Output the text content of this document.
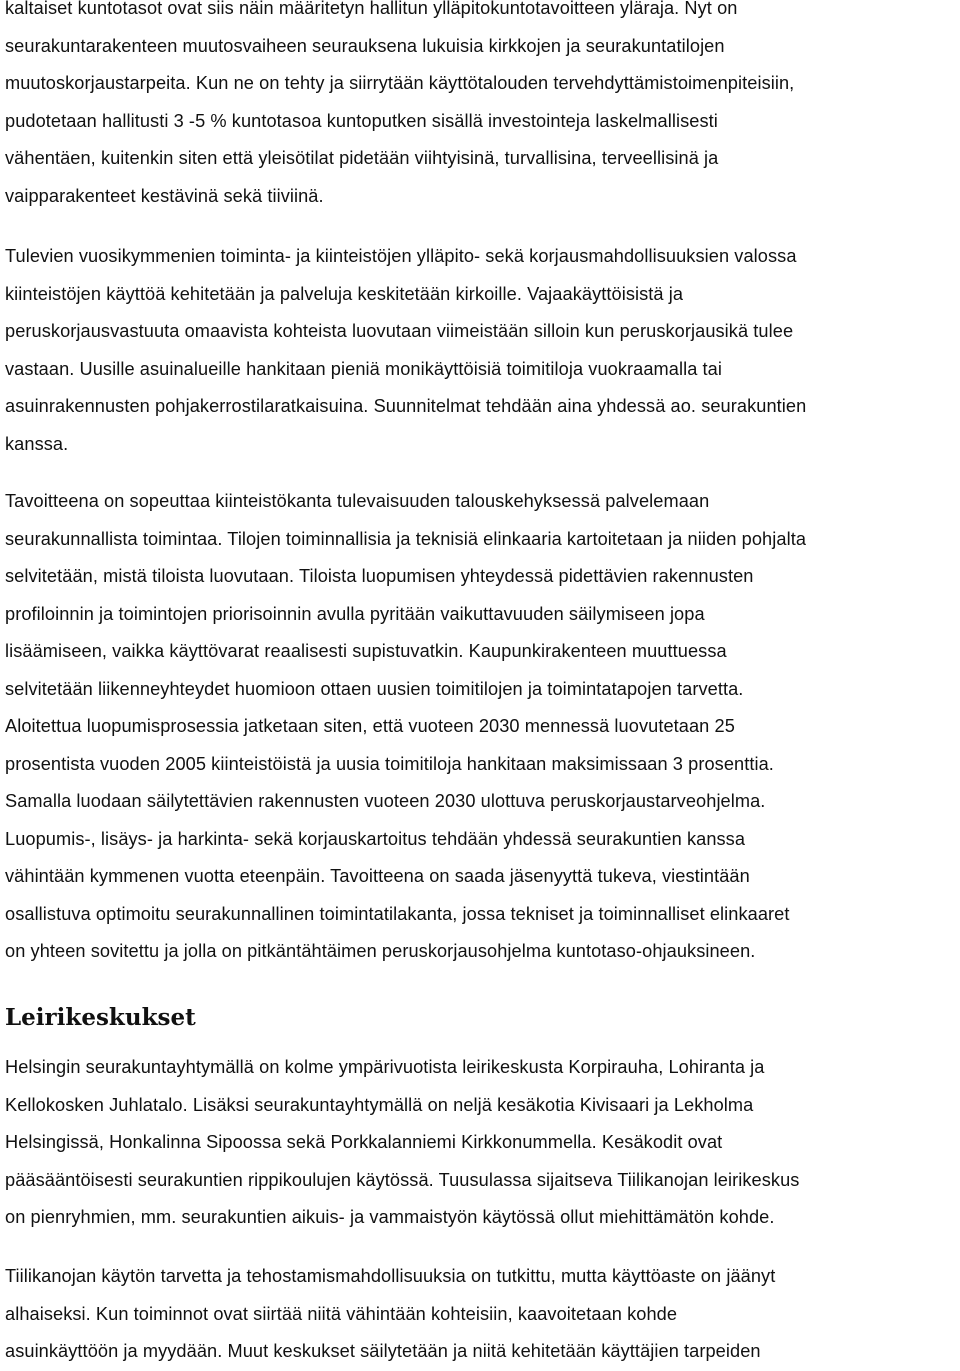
kaltaiset kuntotasot ovat siis näin määritetyn hallitun ylläpitokuntotavoitteen yläraja. Nyt on
seurakuntarakenteen muutosvaiheen seurauksena lukuisia kirkkojen ja seurakuntatilojen
muutoskorjaustarpeita. Kun ne on tehty ja siirrytään käyttötalouden tervehdyttämistoimenpiteisiin,
pudotetaan hallitusti 3 -5 % kuntotasoa kuntoputken sisällä investointeja laskelmallisesti
vähentäen, kuitenkin siten että yleisötilat pidetään viihtyisinä, turvallisina, terveellisinä ja
vaipparakenteet kestävinä sekä tiiviinä.
Tulevien vuosikymmenien toiminta- ja kiinteistöjen ylläpito- sekä korjausmahdollisuuksien valossa
kiinteistöjen käyttöä kehitetään ja palveluja keskitetään kirkoille. Vajaakäyttöisistä ja
peruskorjausvastuuta omaavista kohteista luovutaan viimeistään silloin kun peruskorjausikä tulee
vastaan. Uusille asuinalueille hankitaan pieniä monikäyttöisiä toimitiloja vuokraamalla tai
asuinrakennusten pohjakerrostilaratkaisuina. Suunnitelmat tehdään aina yhdessä ao. seurakuntien
kanssa.
Tavoitteena on sopeuttaa kiinteistökanta tulevaisuuden talouskehyksessä palvelemaan
seurakunnallista toimintaa. Tilojen toiminnallisia ja teknisiä elinkaaria kartoitetaan ja niiden pohjalta
selvitetään, mistä tiloista luovutaan. Tiloista luopumisen yhteydessä pidettävien rakennusten
profiloinnin ja toimintojen priorisoinnin avulla pyritään vaikuttavuuden säilymiseen jopa
lisäämiseen, vaikka käyttövarat reaalisesti supistuvatkin. Kaupunkirakenteen muuttuessa
selvitetään liikenneyhteydet huomioon ottaen uusien toimitilojen ja toimintatapojen tarvetta.
Aloitettua luopumisprosessia jatketaan siten, että vuoteen 2030 mennessä luovutetaan 25
prosentista vuoden 2005 kiinteistöistä ja uusia toimitiloja hankitaan maksimissaan 3 prosenttia.
Samalla luodaan säilytettävien rakennusten vuoteen 2030 ulottuva peruskorjaustarveohjelma.
Luopumis-, lisäys- ja harkinta- sekä korjauskartoitus tehdään yhdessä seurakuntien kanssa
vähintään kymmenen vuotta eteenpäin. Tavoitteena on saada jäsenyyttä tukeva, viestintään
osallistuva optimoitu seurakunnallinen toimintatilakanta, jossa tekniset ja toiminnalliset elinkaaret
on yhteen sovitettu ja jolla on pitkäntähtäimen peruskorjausohjelma kuntotaso-ohjauksineen.
Leirikeskukset
Helsingin seurakuntayhtymällä on kolme ympärivuotista leirikeskusta Korpirauha, Lohiranta ja
Kellokosken Juhlatalo. Lisäksi seurakuntayhtymällä on neljä kesäkotia Kivisaari ja Lekholma
Helsingissä, Honkalinna Sipoossa sekä Porkkalanniemi Kirkkonummella. Kesäkodit ovat
pääsääntöisesti seurakuntien rippikoulujen käytössä. Tuusulassa sijaitseva Tiilikanojan leirikeskus
on pienryhmien, mm. seurakuntien aikuis- ja vammaistyön käytössä ollut miehittämätön kohde.
Tiilikanojan käytön tarvetta ja tehostamismahdollisuuksia on tutkittu, mutta käyttöaste on jäänyt
alhaiseksi. Kun toiminnot ovat siirtää niitä vähintään kohteisiin, kaavoitetaan kohde
asuinkäyttöön ja myydään. Muut keskukset säilytetään ja niitä kehitetään käyttäjien tarpeiden
